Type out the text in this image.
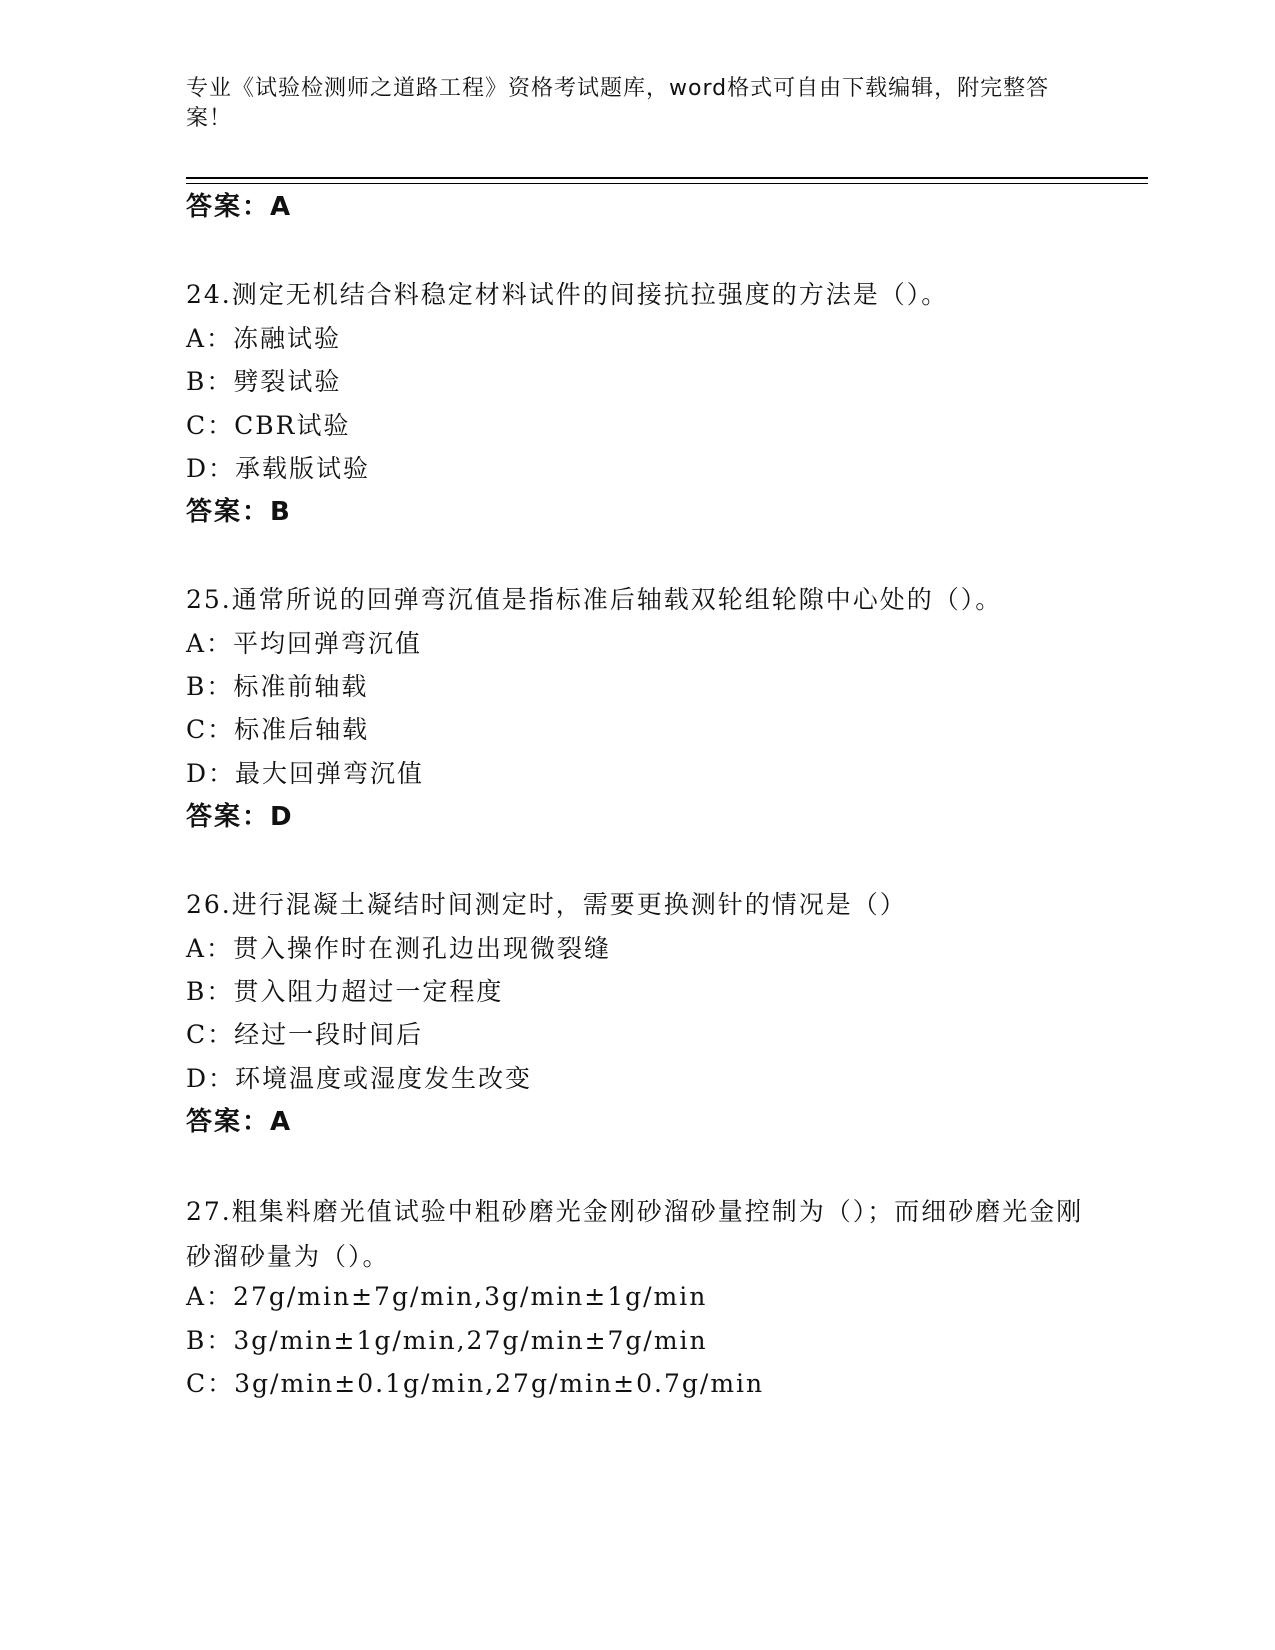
专业《试验检测师之道路工程》资格考试题库，word格式可自由下载编辑，附完整答案！
答案：A
24.测定无机结合料稳定材料试件的间接抗拉强度的方法是（）。
A：冻融试验
B：劈裂试验
C：CBR试验
D：承载版试验
答案：B
25.通常所说的回弹弯沉值是指标准后轴载双轮组轮隙中心处的（）。
A：平均回弹弯沉值
B：标准前轴载
C：标准后轴载
D：最大回弹弯沉值
答案：D
26.进行混凝土凝结时间测定时，需要更换测针的情况是（）
A：贯入操作时在测孔边出现微裂缝
B：贯入阻力超过一定程度
C：经过一段时间后
D：环境温度或湿度发生改变
答案：A
27.粗集料磨光值试验中粗砂磨光金刚砂溜砂量控制为（）；而细砂磨光金刚砂溜砂量为（）。
A：27g/min±7g/min,3g/min±1g/min
B：3g/min±1g/min,27g/min±7g/min
C：3g/min±0.1g/min,27g/min±0.7g/min
